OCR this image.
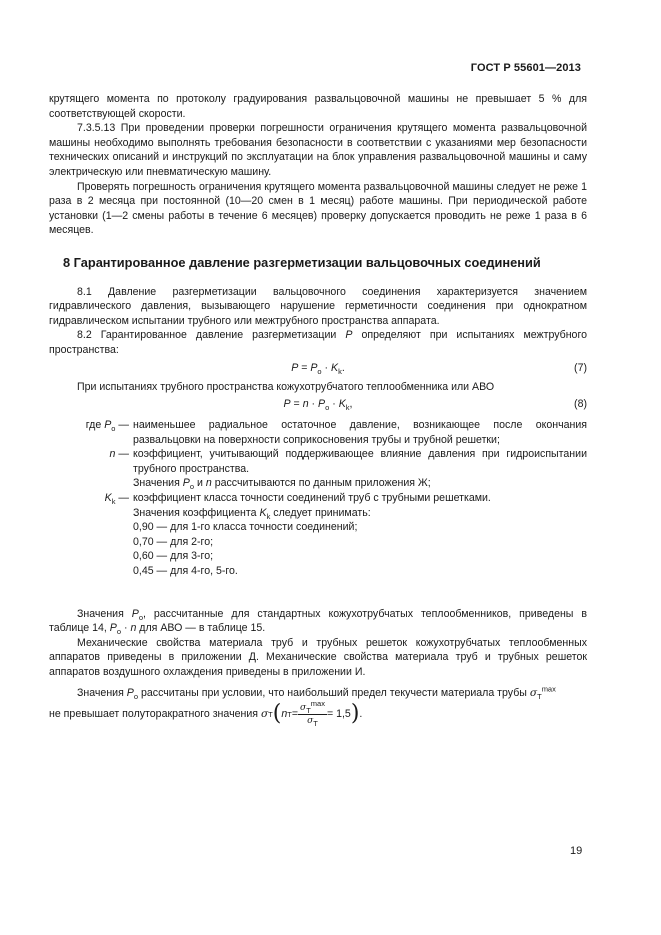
ГОСТ Р 55601—2013

крутящего момента по протоколу градуирования развальцовочной машины не превышает 5 % для соответствующей скорости.

7.3.5.13 При проведении проверки погрешности ограничения крутящего момента развальцовочной машины необходимо выполнять требования безопасности в соответствии с указаниями мер безопасности технических описаний и инструкций по эксплуатации на блок управления развальцовочной машины и саму электрическую или пневматическую машину.

Проверять погрешность ограничения крутящего момента развальцовочной машины следует не реже 1 раза в 2 месяца при постоянной (10—20 смен в 1 месяц) работе машины. При периодической работе установки (1—2 смены работы в течение 6 месяцев) проверку допускается проводить не реже 1 раза в 6 месяцев.

8 Гарантированное давление разгерметизации вальцовочных соединений

8.1 Давление разгерметизации вальцовочного соединения характеризуется значением гидравлического давления, вызывающего нарушение герметичности соединения при однократном гидравлическом испытании трубного или межтрубного пространства аппарата.

8.2 Гарантированное давление разгерметизации P определяют при испытаниях межтрубного пространства:

$P = P_о \cdot K_k$.	(7)

При испытаниях трубного пространства кожухотрубчатого теплообменника или АВО

$P = n \cdot P_о \cdot K_k$,	(8)
где $P_о$ — наименьшее радиальное остаточное давление, возникающее после окончания развальцовки на поверхности соприкосновения трубы и трубной решетки;
n — коэффициент, учитывающий поддерживающее влияние давления при гидроиспытании трубного пространства.
Значения $P_о$ и n рассчитываются по данным приложения Ж;
$K_k$ — коэффициент класса точности соединений труб с трубными решетками.
Значения коэффициента $K_k$ следует принимать:
0,90 — для 1-го класса точности соединений;
0,70 — для 2-го;
0,60 — для 3-го;
0,45 — для 4-го, 5-го.

Значения $P_о$, рассчитанные для стандартных кожухотрубчатых теплообменников, приведены в таблице 14, $P_о \cdot n$ для АВО — в таблице 15.

Механические свойства материала труб и трубных решеток кожухотрубчатых теплообменных аппаратов приведены в приложении Д. Механические свойства материала труб и трубных решеток аппаратов воздушного охлаждения приведены в приложении И.

Значения $P_о$ рассчитаны при условии, что наибольший предел текучести материала трубы $\sigma_T^{max}$

не превышает полуторакратного значения
σ T ( n $T = \frac{\sigma_T^{max}}{\sigma_T} = 1,5$ ) .
19
